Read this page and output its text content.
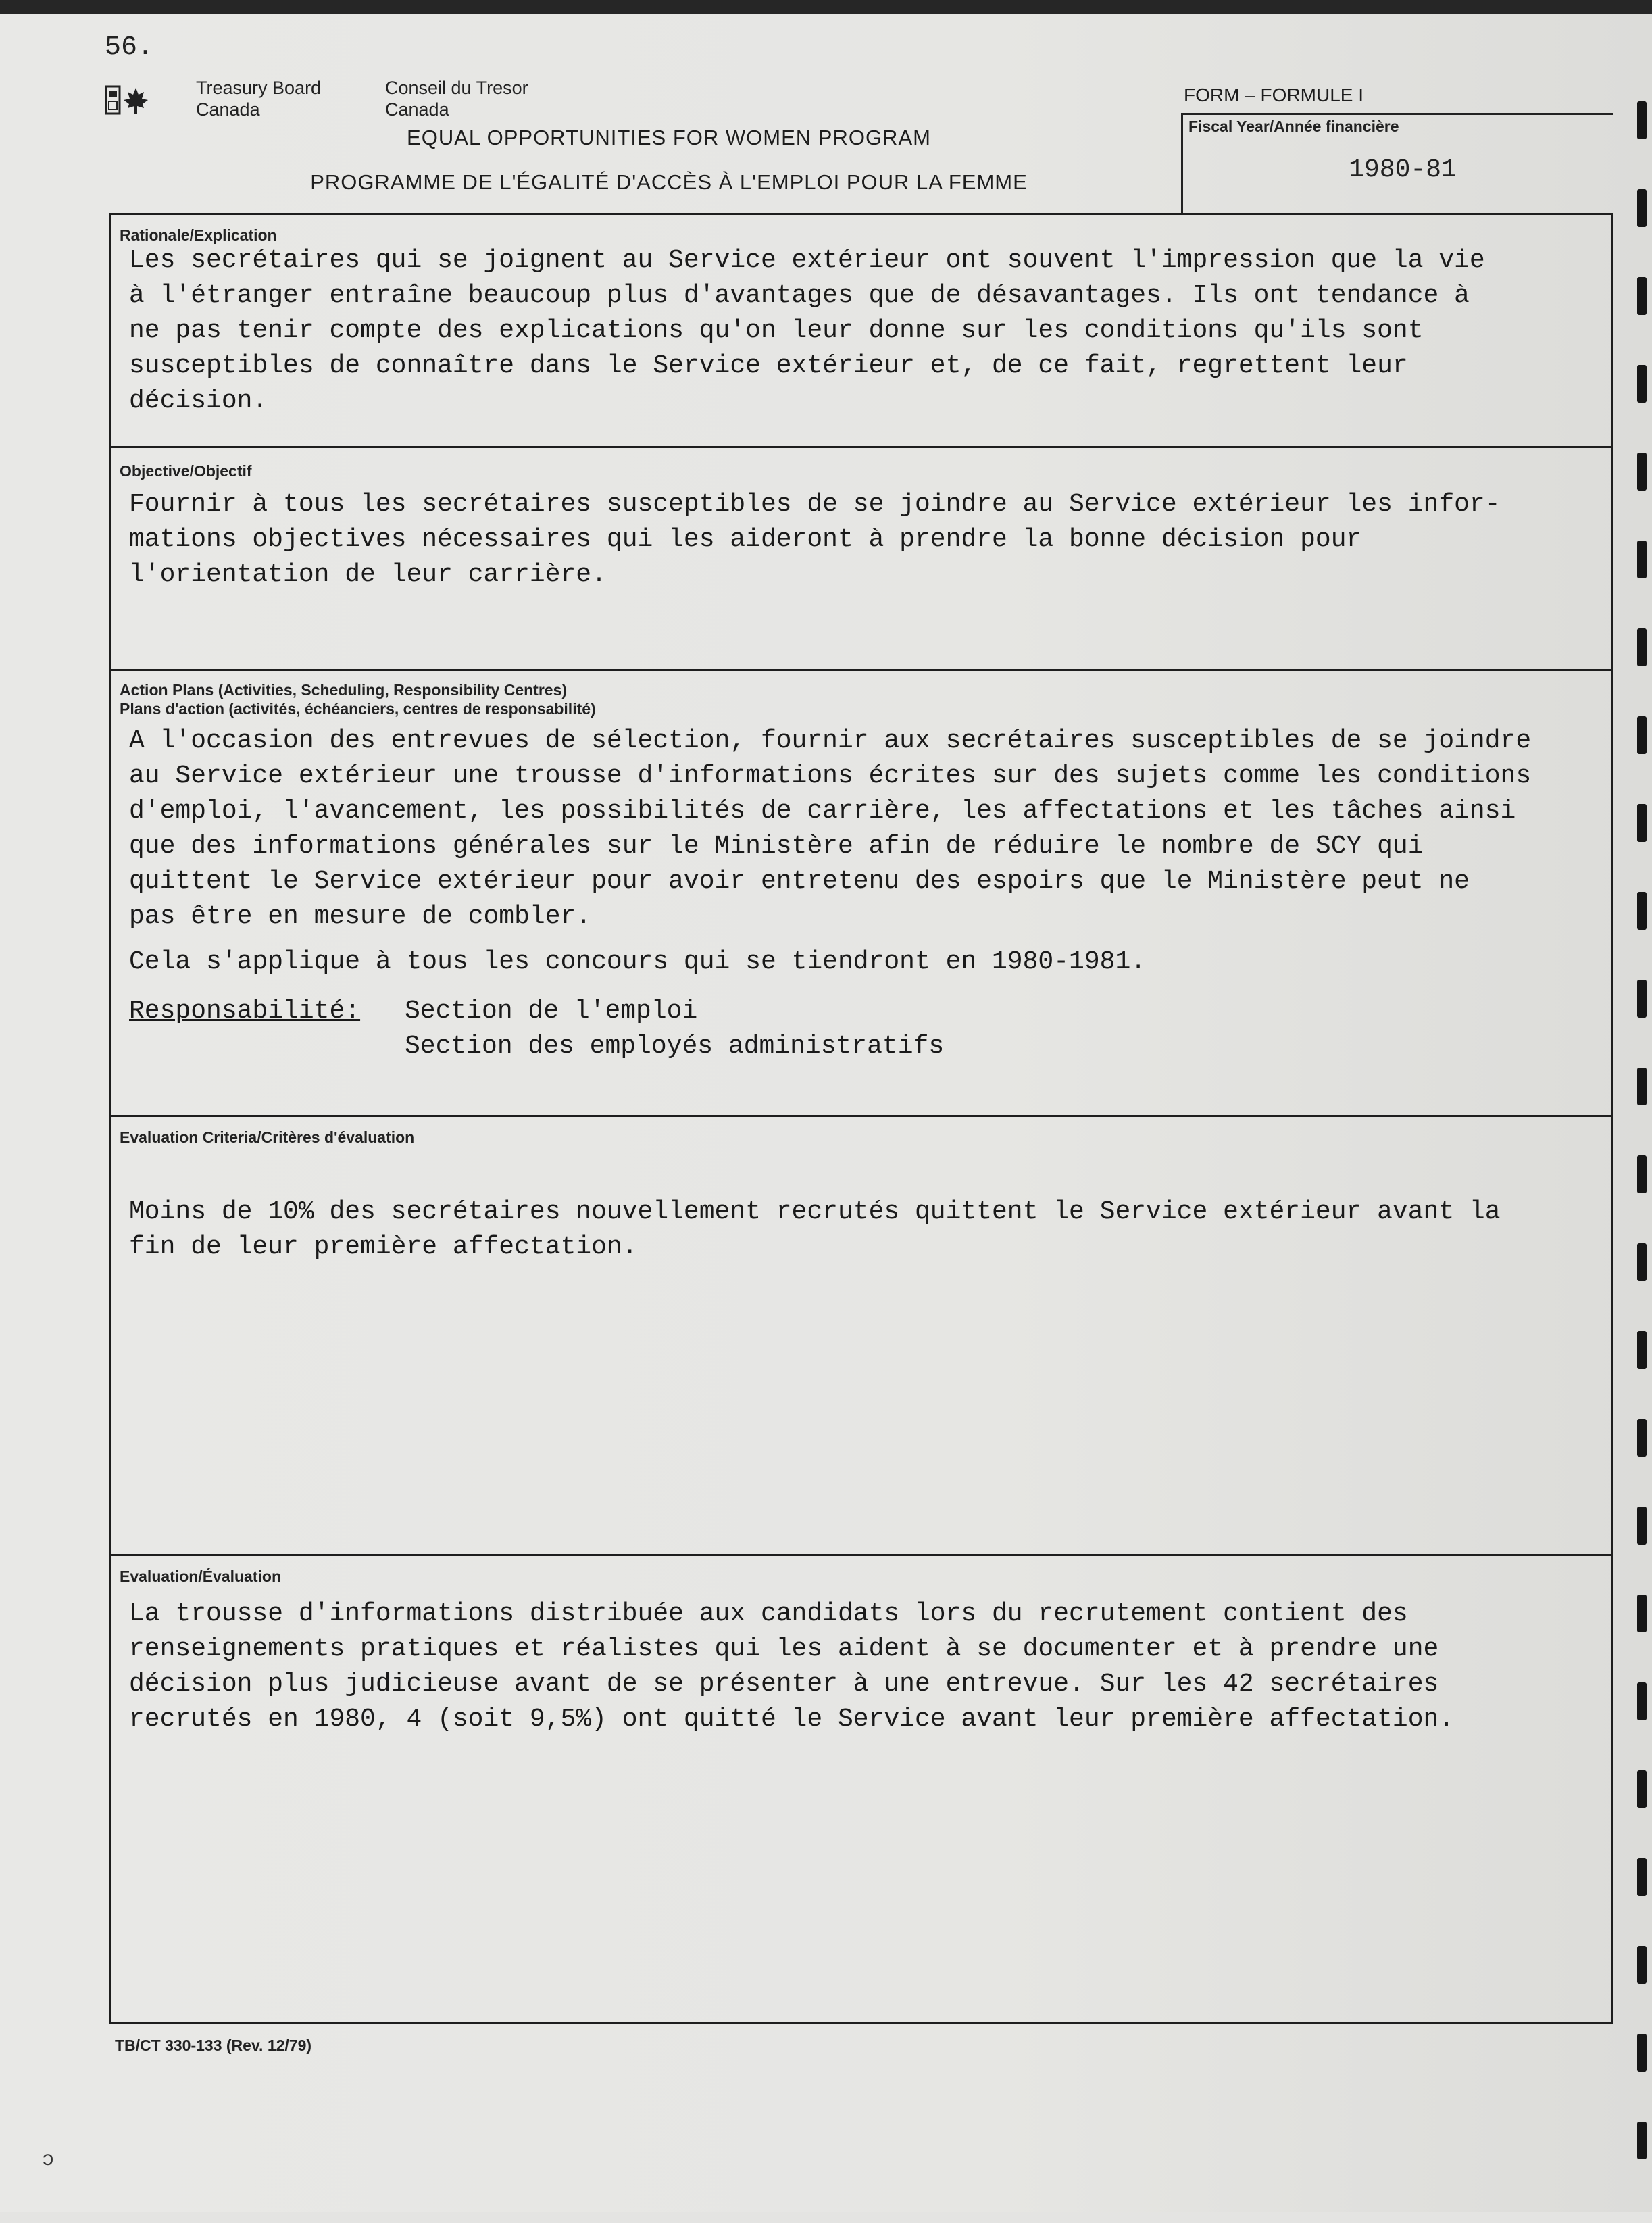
56.
Treasury Board
Canada
Conseil du Tresor
Canada
FORM – FORMULE I
EQUAL OPPORTUNITIES FOR WOMEN PROGRAM
PROGRAMME DE L'ÉGALITÉ D'ACCÈS À L'EMPLOI POUR LA FEMME
Fiscal Year/Année financière
1980-81
Rationale/Explication
Les secrétaires qui se joignent au Service extérieur ont souvent l'impression que la vie
à l'étranger entraîne beaucoup plus d'avantages que de désavantages. Ils ont tendance à
ne pas tenir compte des explications qu'on leur donne sur les conditions qu'ils sont
susceptibles de connaître dans le Service extérieur et, de ce fait, regrettent leur
décision.
Objective/Objectif
Fournir à tous les secrétaires susceptibles de se joindre au Service extérieur les infor-
mations objectives nécessaires qui les aideront à prendre la bonne décision pour
l'orientation de leur carrière.
Action Plans (Activities, Scheduling, Responsibility Centres)
Plans d'action (activités, échéanciers, centres de responsabilité)
A l'occasion des entrevues de sélection, fournir aux secrétaires susceptibles de se joindre
au Service extérieur une trousse d'informations écrites sur des sujets comme les conditions
d'emploi, l'avancement, les possibilités de carrière, les affectations et les tâches ainsi
que des informations générales sur le Ministère afin de réduire le nombre de SCY qui
quittent le Service extérieur pour avoir entretenu des espoirs que le Ministère peut ne
pas être en mesure de combler.
Cela s'applique à tous les concours qui se tiendront en 1980-1981.
Responsabilité: Section de l'emploi
Section des employés administratifs
Evaluation Criteria/Critères d'évaluation
Moins de 10% des secrétaires nouvellement recrutés quittent le Service extérieur avant la
fin de leur première affectation.
Evaluation/Évaluation
La trousse d'informations distribuée aux candidats lors du recrutement contient des
renseignements pratiques et réalistes qui les aident à se documenter et à prendre une
décision plus judicieuse avant de se présenter à une entrevue. Sur les 42 secrétaires
recrutés en 1980, 4 (soit 9,5%) ont quitté le Service avant leur première affectation.
TB/CT 330-133 (Rev. 12/79)
ɔ
